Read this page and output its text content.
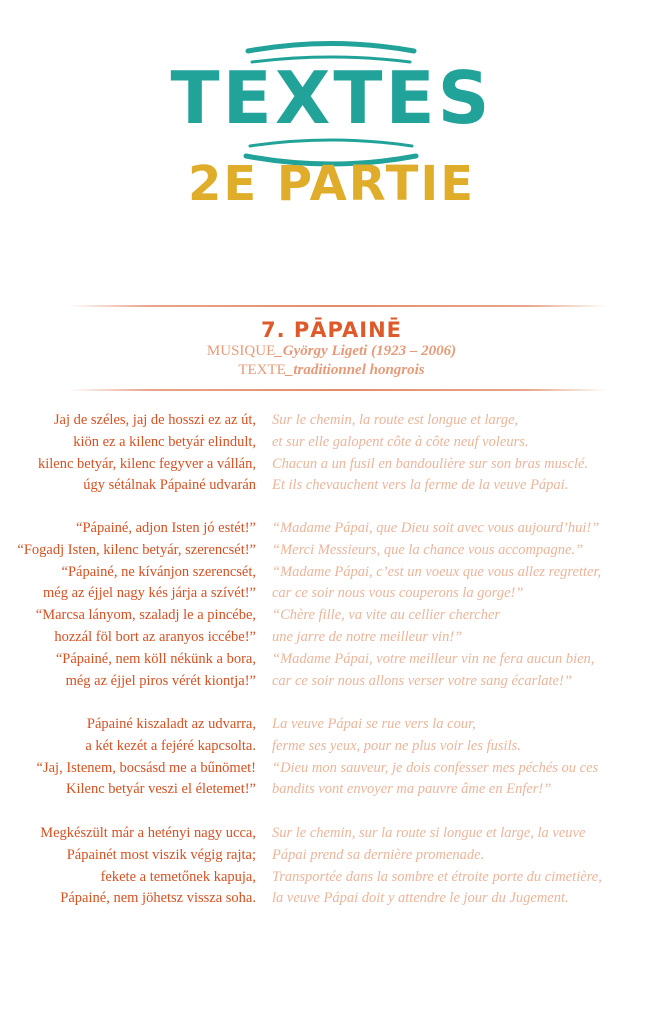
TEXTES
2E PARTIE
7. PĀPAINĒ
MUSIQUE_György Ligeti (1923 – 2006)
TEXTE_traditionnel hongrois
Jaj de széles, jaj de hosszi ez az út, Sur le chemin, la route est longue et large,
kiön ez a kilenc betyár elindult, et sur elle galopent côte à côte neuf voleurs.
kilenc betyár, kilenc fegyver a vállán, Chacun a un fusil en bandoulière sur son bras musclé.
úgy sétálnak Pápainé udvarán Et ils chevauchent vers la ferme de la veuve Pápai.
“Pápainé, adjon Isten jó estét!” “Madame Pápai, que Dieu soit avec vous aujourd’hui!”
“Fogadj Isten, kilenc betyár, szerencsét!” “Merci Messieurs, que la chance vous accompagne.”
“Pápainé, ne kívánjon szerencsét, “Madame Pápai, c’est un voeux que vous allez regretter,
még az éjjel nagy kés járja a szívét!” car ce soir nous vous couperons la gorge!”
“Marcsa lányom, szaladj le a pincébe, “Chère fille, va vite au cellier chercher
hozzál föl bort az aranyos iccébe!” une jarre de notre meilleur vin!”
“Pápainé, nem köll nékünk a bora, “Madame Pápai, votre meilleur vin ne fera aucun bien,
még az éjjel piros vérét kiontja!” car ce soir nous allons verser votre sang écarlate!”
Pápainé kiszaladt az udvarra, La veuve Pápai se rue vers la cour,
a két kezét a fejéré kapcsolta. ferme ses yeux, pour ne plus voir les fusils.
“Jaj, Istenem, bocsásd me a bűnömet! “Dieu mon sauveur, je dois confesser mes péchés ou ces
Kilenc betyár veszi el életemet!” bandits vont envoyer ma pauvre âme en Enfer!”
Megkészült már a hetényi nagy ucca, Sur le chemin, sur la route si longue et large, la veuve
Pápainét most viszik végig rajta; Pápai prend sa dernière promenade.
fekete a temetőnek kapuja, Transportée dans la sombre et étroite porte du cimetière,
Pápainé, nem jöhetsz vissza soha. la veuve Pápai doit y attendre le jour du Jugement.
